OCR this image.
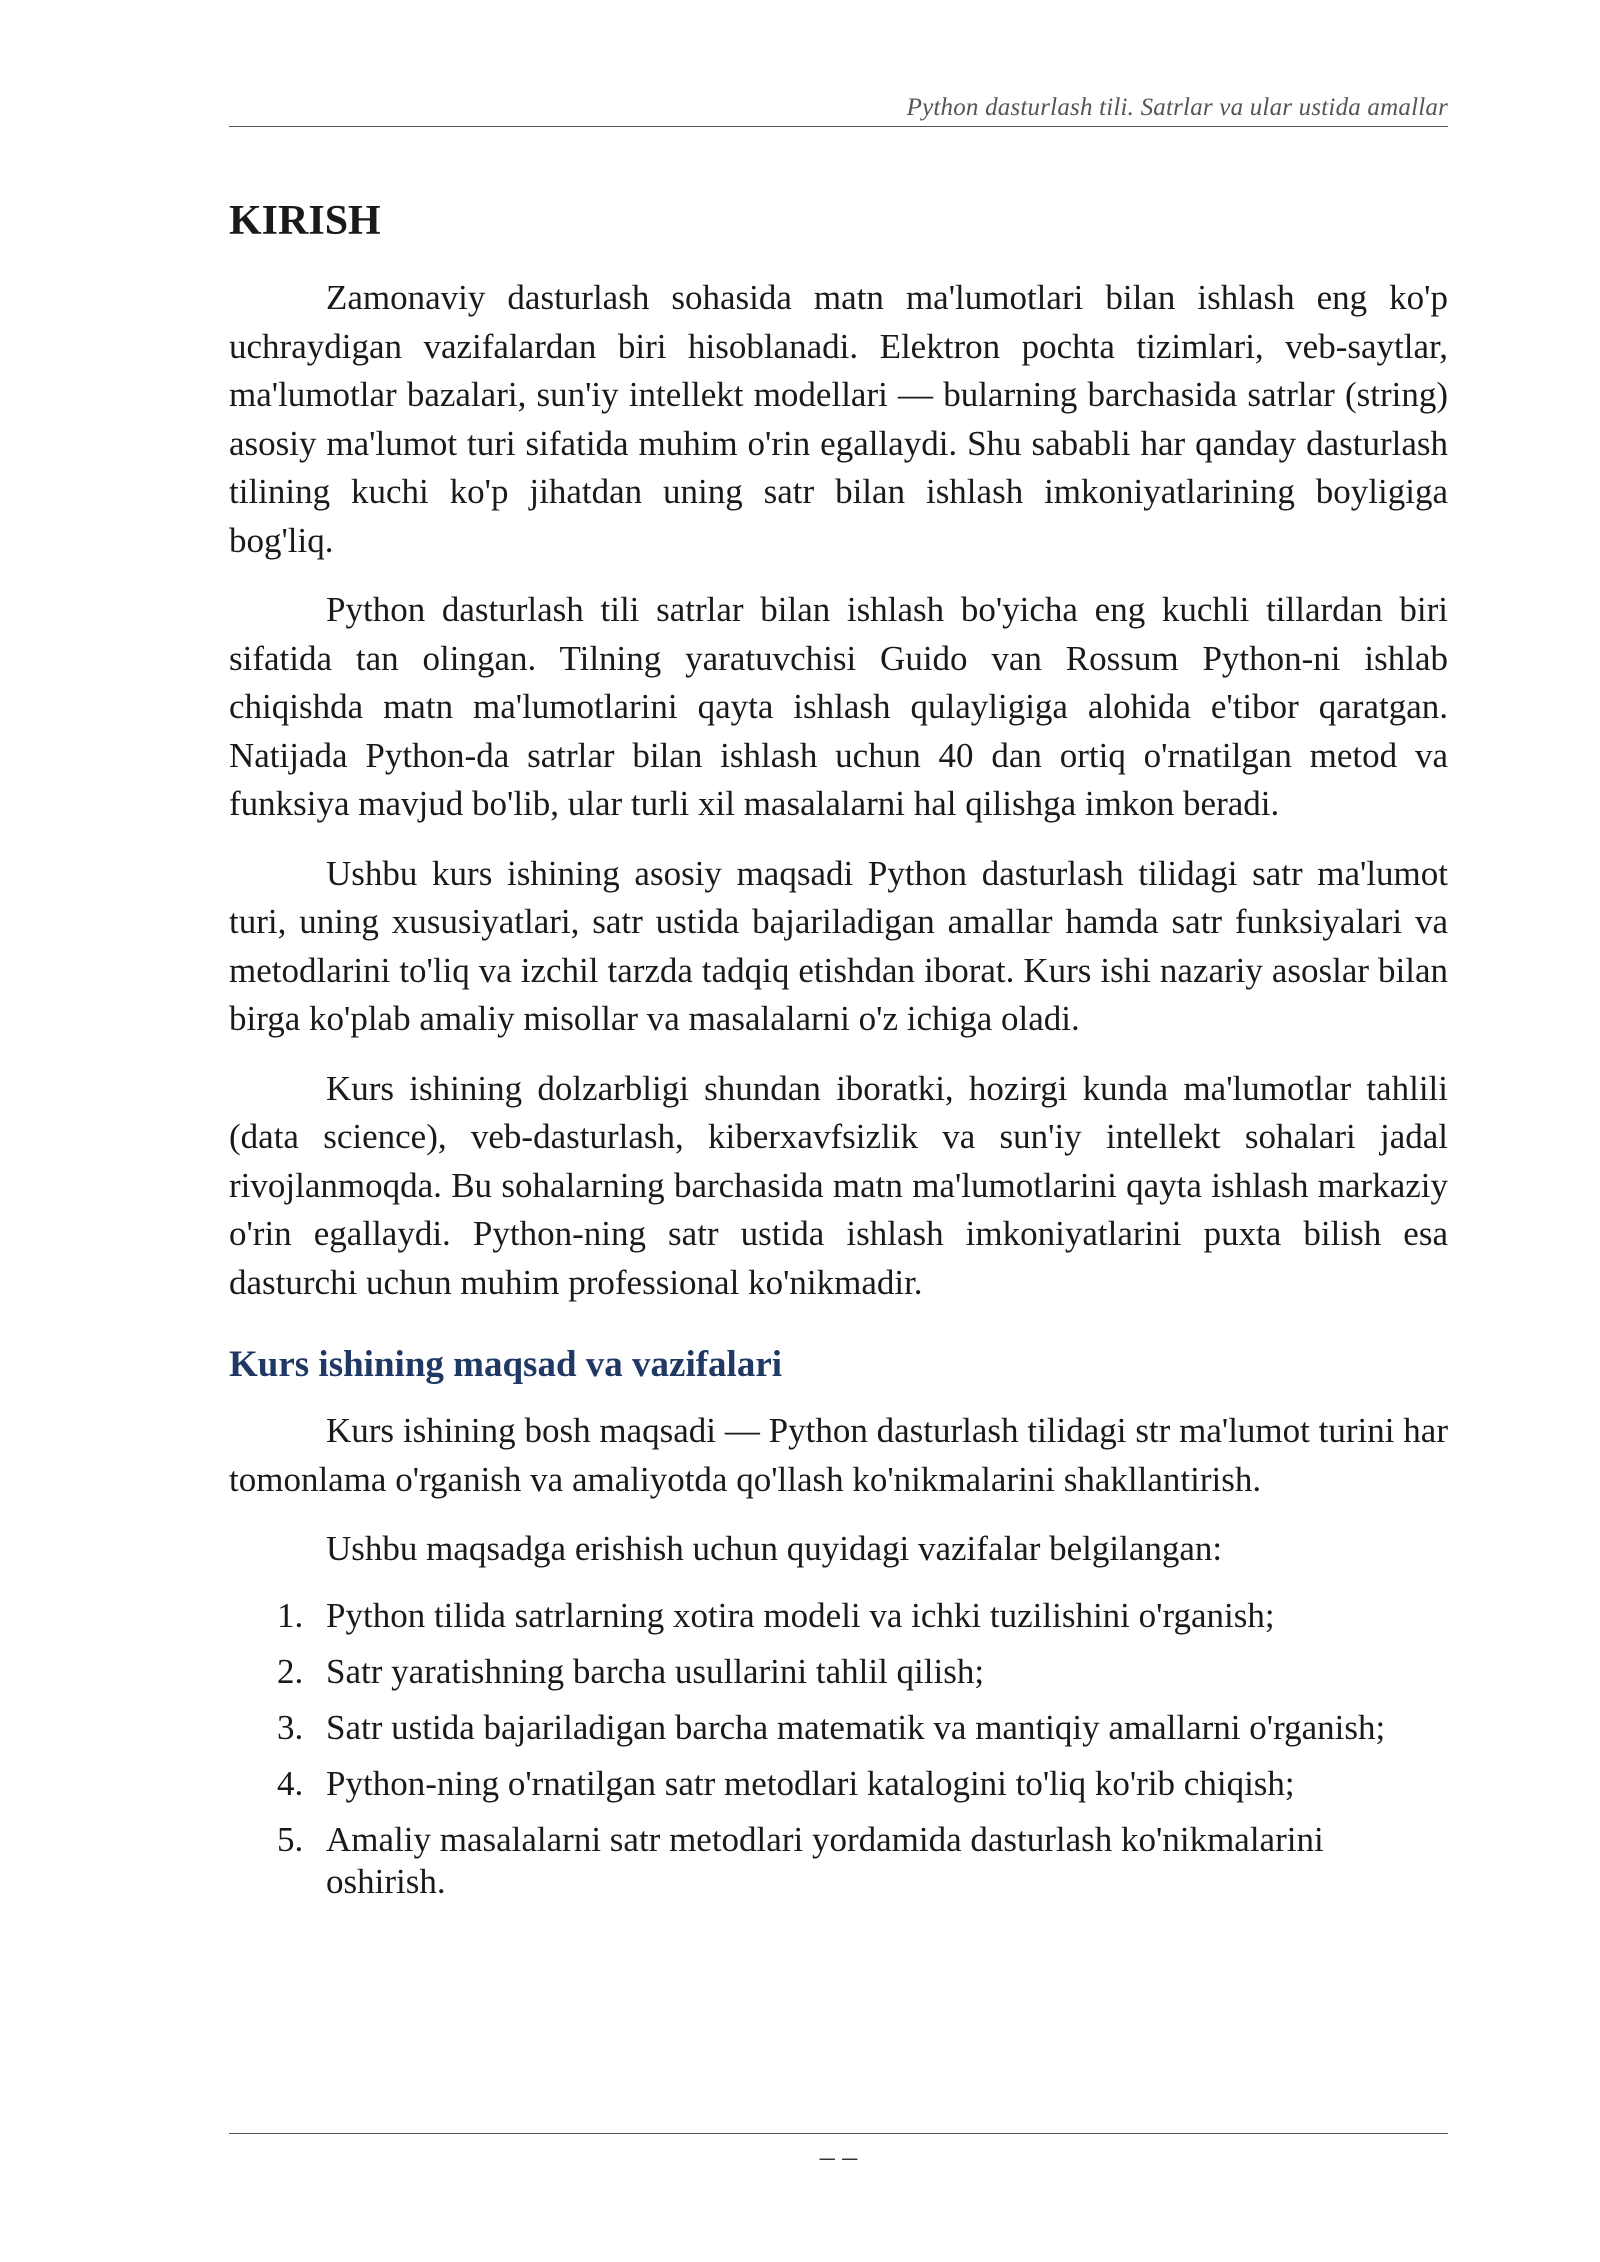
Python dasturlash tili. Satrlar va ular ustida amallar
KIRISH

Zamonaviy dasturlash sohasida matn ma'lumotlari bilan ishlash eng ko'p uchraydigan vazifalardan biri hisoblanadi. Elektron pochta tizimlari, veb-saytlar, ma'lumotlar bazalari, sun'iy intellekt modellari — bularning barchasida satrlar (string) asosiy ma'lumot turi sifatida muhim o'rin egallaydi. Shu sababli har qanday dasturlash tilining kuchi ko'p jihatdan uning satr bilan ishlash imkoniyatlarining boyligiga bog'liq.

Python dasturlash tili satrlar bilan ishlash bo'yicha eng kuchli tillardan biri sifatida tan olingan. Tilning yaratuvchisi Guido van Rossum Python-ni ishlab chiqishda matn ma'lumotlarini qayta ishlash qulayligiga alohida e'tibor qaratgan. Natijada Python-da satrlar bilan ishlash uchun 40 dan ortiq o'rnatilgan metod va funksiya mavjud bo'lib, ular turli xil masalalarni hal qilishga imkon beradi.

Ushbu kurs ishining asosiy maqsadi Python dasturlash tilidagi satr ma'lumot turi, uning xususiyatlari, satr ustida bajariladigan amallar hamda satr funksiyalari va metodlarini to'liq va izchil tarzda tadqiq etishdan iborat. Kurs ishi nazariy asoslar bilan birga ko'plab amaliy misollar va masalalarni o'z ichiga oladi.

Kurs ishining dolzarbligi shundan iboratki, hozirgi kunda ma'lumotlar tahlili (data science), veb-dasturlash, kiberxavfsizlik va sun'iy intellekt sohalari jadal rivojlanmoqda. Bu sohalarning barchasida matn ma'lumotlarini qayta ishlash markaziy o'rin egallaydi. Python-ning satr ustida ishlash imkoniyatlarini puxta bilish esa dasturchi uchun muhim professional ko'nikmadir.

Kurs ishining maqsad va vazifalari

Kurs ishining bosh maqsadi — Python dasturlash tilidagi str ma'lumot turini har tomonlama o'rganish va amaliyotda qo'llash ko'nikmalarini shakllantirish.

Ushbu maqsadga erishish uchun quyidagi vazifalar belgilangan:

1. Python tilida satrlarning xotira modeli va ichki tuzilishini o'rganish;
2. Satr yaratishning barcha usullarini tahlil qilish;
3. Satr ustida bajariladigan barcha matematik va mantiqiy amallarni o'rganish;
4. Python-ning o'rnatilgan satr metodlari katalogini to'liq ko'rib chiqish;
5. Amaliy masalalarni satr metodlari yordamida dasturlash ko'nikmalarini oshirish.
– –
